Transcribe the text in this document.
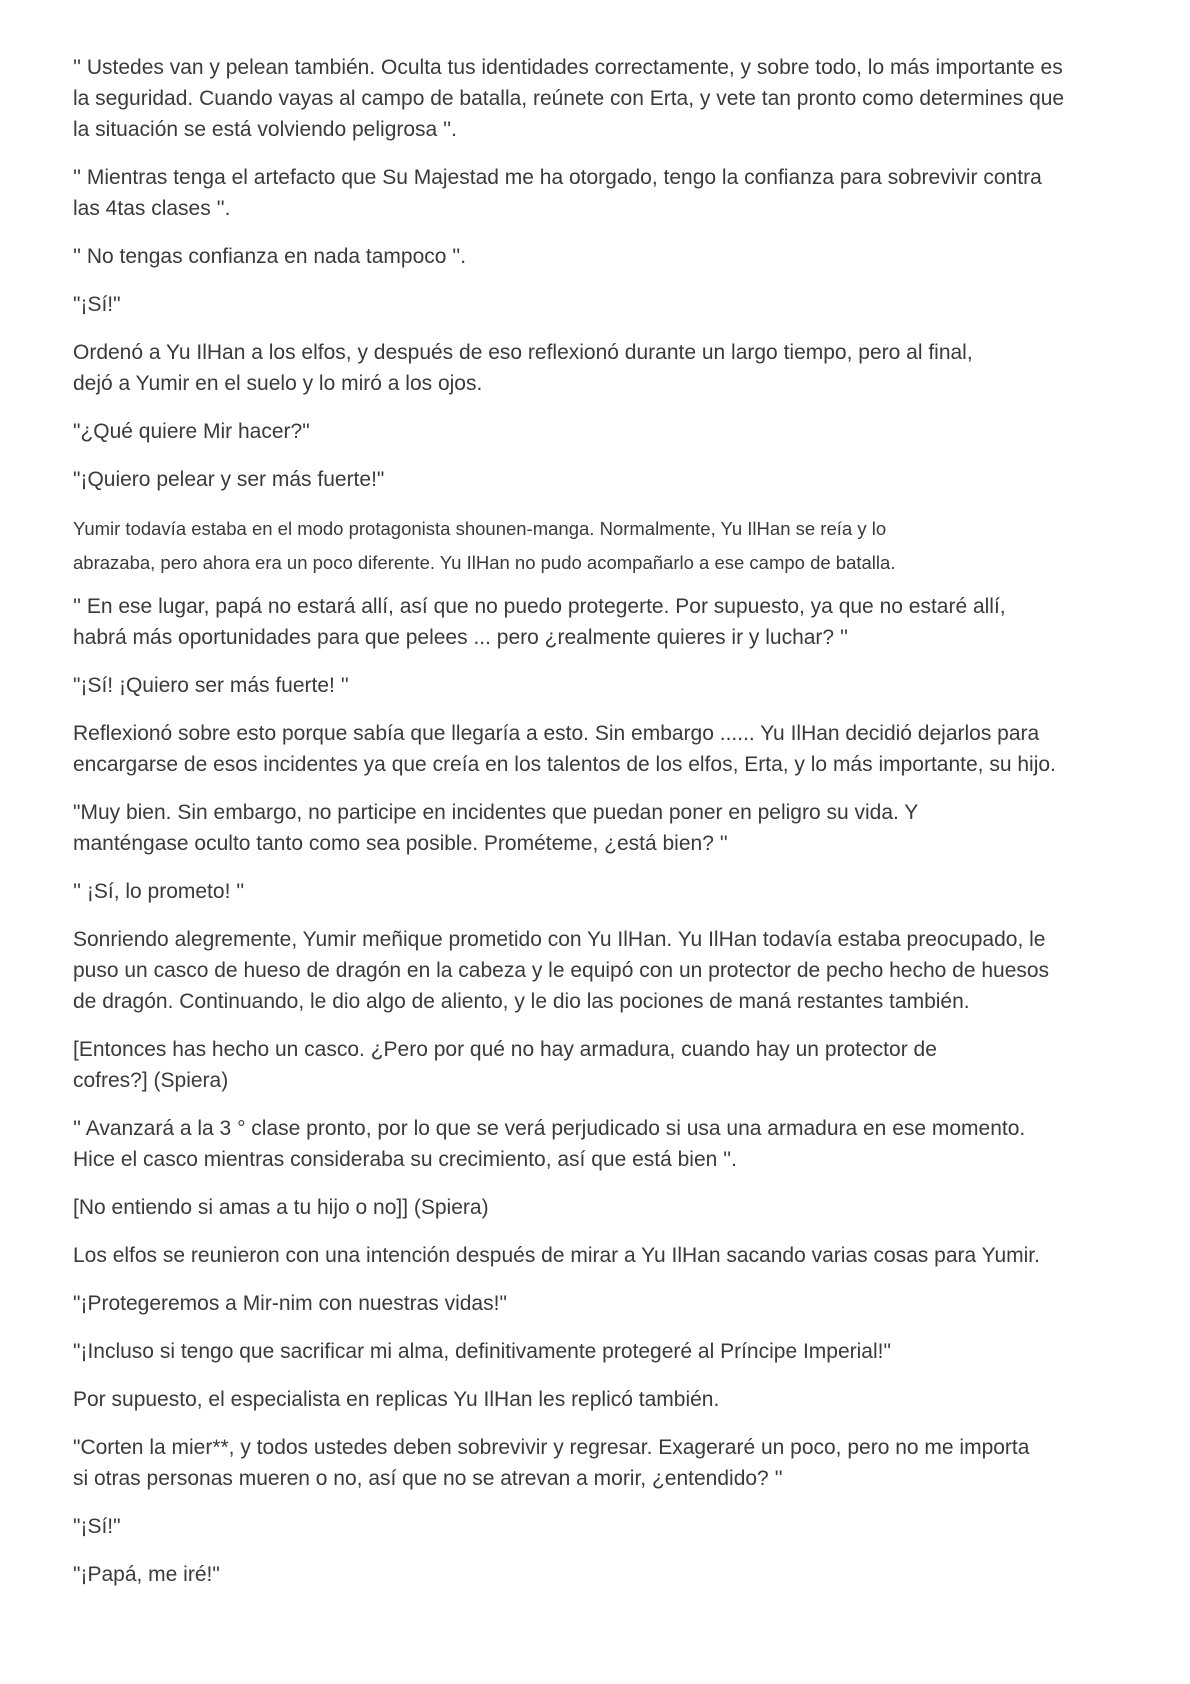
'' Ustedes van y pelean también. Oculta tus identidades correctamente, y sobre todo, lo más importante es
la seguridad. Cuando vayas al campo de batalla, reúnete con Erta, y vete tan pronto como determines que
la situación se está volviendo peligrosa ''.

'' Mientras tenga el artefacto que Su Majestad me ha otorgado, tengo la confianza para sobrevivir contra
las 4tas clases ''.

'' No tengas confianza en nada tampoco ''.

"¡Sí!"

Ordenó a Yu IlHan a los elfos, y después de eso reflexionó durante un largo tiempo, pero al final,
dejó a Yumir en el suelo y lo miró a los ojos.

"¿Qué quiere Mir hacer?"

"¡Quiero pelear y ser más fuerte!"

Yumir todavía estaba en el modo protagonista shounen-manga. Normalmente, Yu IlHan se reía y lo
abrazaba, pero ahora era un poco diferente. Yu IlHan no pudo acompañarlo a ese campo de batalla.

'' En ese lugar, papá no estará allí, así que no puedo protegerte. Por supuesto, ya que no estaré allí,
habrá más oportunidades para que pelees ... pero ¿realmente quieres ir y luchar? ''

"¡Sí! ¡Quiero ser más fuerte! ''

Reflexionó sobre esto porque sabía que llegaría a esto. Sin embargo ...... Yu IlHan decidió dejarlos para
encargarse de esos incidentes ya que creía en los talentos de los elfos, Erta, y lo más importante, su hijo.

"Muy bien. Sin embargo, no participe en incidentes que puedan poner en peligro su vida. Y
manténgase oculto tanto como sea posible. Prométeme, ¿está bien? ''

'' ¡Sí, lo prometo! ''

Sonriendo alegremente, Yumir meñique prometido con Yu IlHan. Yu IlHan todavía estaba preocupado, le
puso un casco de hueso de dragón en la cabeza y le equipó con un protector de pecho hecho de huesos
de dragón. Continuando, le dio algo de aliento, y le dio las pociones de maná restantes también.

[Entonces has hecho un casco. ¿Pero por qué no hay armadura, cuando hay un protector de
cofres?] (Spiera)

'' Avanzará a la 3 ° clase pronto, por lo que se verá perjudicado si usa una armadura en ese momento.
Hice el casco mientras consideraba su crecimiento, así que está bien ''.

[No entiendo si amas a tu hijo o no]] (Spiera)

Los elfos se reunieron con una intención después de mirar a Yu IlHan sacando varias cosas para Yumir.

"¡Protegeremos a Mir-nim con nuestras vidas!"

"¡Incluso si tengo que sacrificar mi alma, definitivamente protegeré al Príncipe Imperial!"

Por supuesto, el especialista en replicas Yu IlHan les replicó también.

"Corten la mier**, y todos ustedes deben sobrevivir y regresar. Exageraré un poco, pero no me importa
si otras personas mueren o no, así que no se atrevan a morir, ¿entendido? ''

"¡Sí!"

"¡Papá, me iré!"
